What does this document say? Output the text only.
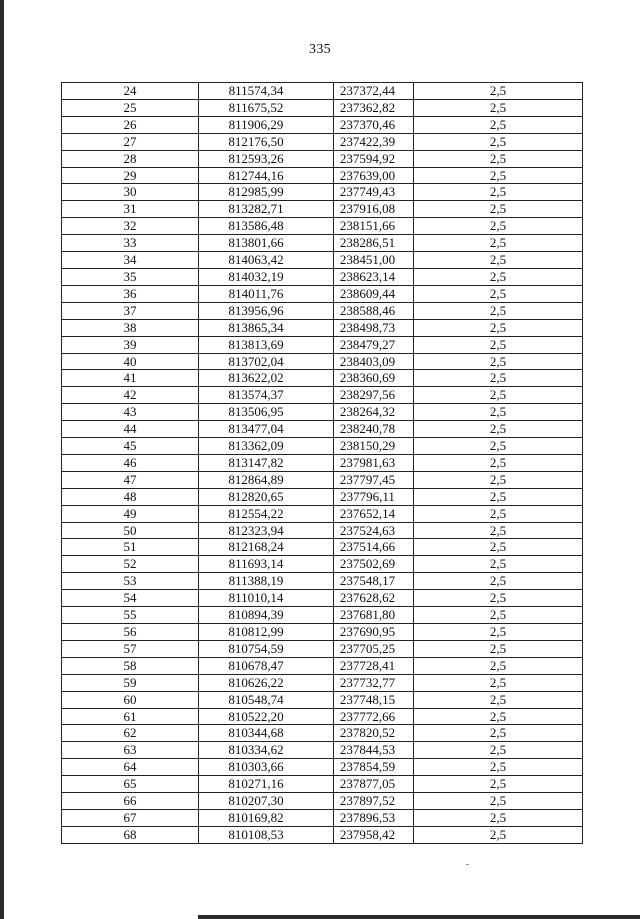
335
24	811574,34	237372,44	2,5
25	811675,52	237362,82	2,5
26	811906,29	237370,46	2,5
27	812176,50	237422,39	2,5
28	812593,26	237594,92	2,5
29	812744,16	237639,00	2,5
30	812985,99	237749,43	2,5
31	813282,71	237916,08	2,5
32	813586,48	238151,66	2,5
33	813801,66	238286,51	2,5
34	814063,42	238451,00	2,5
35	814032,19	238623,14	2,5
36	814011,76	238609,44	2,5
37	813956,96	238588,46	2,5
38	813865,34	238498,73	2,5
39	813813,69	238479,27	2,5
40	813702,04	238403,09	2,5
41	813622,02	238360,69	2,5
42	813574,37	238297,56	2,5
43	813506,95	238264,32	2,5
44	813477,04	238240,78	2,5
45	813362,09	238150,29	2,5
46	813147,82	237981,63	2,5
47	812864,89	237797,45	2,5
48	812820,65	237796,11	2,5
49	812554,22	237652,14	2,5
50	812323,94	237524,63	2,5
51	812168,24	237514,66	2,5
52	811693,14	237502,69	2,5
53	811388,19	237548,17	2,5
54	811010,14	237628,62	2,5
55	810894,39	237681,80	2,5
56	810812,99	237690,95	2,5
57	810754,59	237705,25	2,5
58	810678,47	237728,41	2,5
59	810626,22	237732,77	2,5
60	810548,74	237748,15	2,5
61	810522,20	237772,66	2,5
62	810344,68	237820,52	2,5
63	810334,62	237844,53	2,5
64	810303,66	237854,59	2,5
65	810271,16	237877,05	2,5
66	810207,30	237897,52	2,5
67	810169,82	237896,53	2,5
68	810108,53	237958,42	2,5
